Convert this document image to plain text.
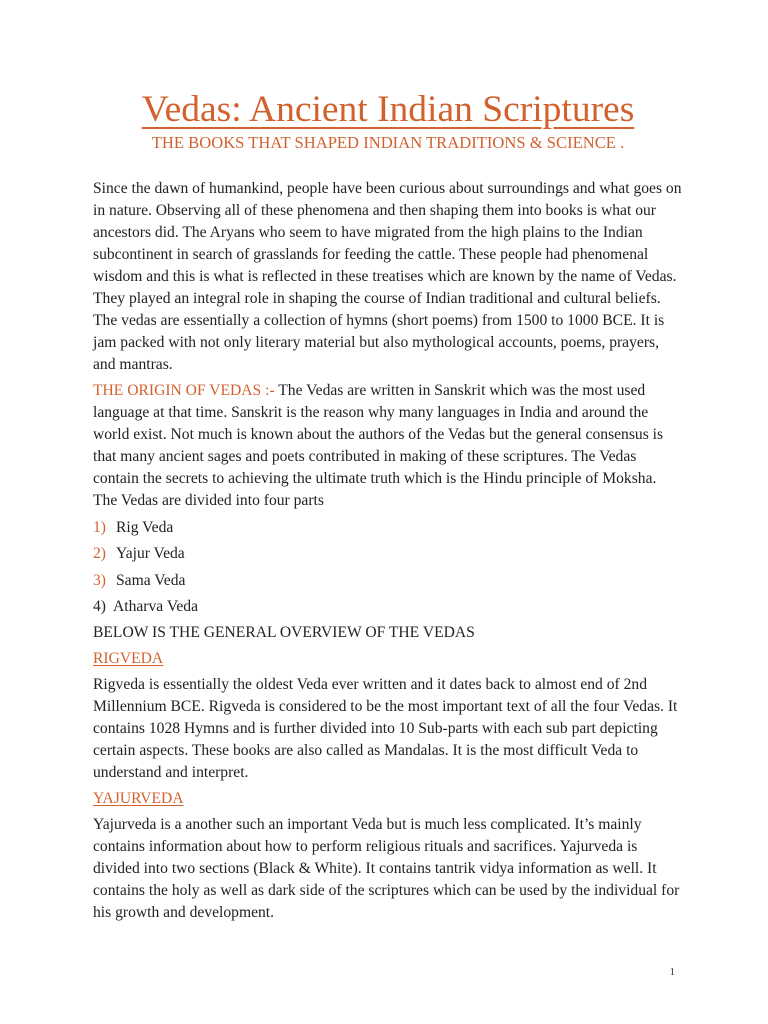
Vedas: Ancient Indian Scriptures
THE BOOKS THAT SHAPED INDIAN TRADITIONS & SCIENCE .

Since the dawn of humankind, people have been curious about surroundings and what goes on in nature. Observing all of these phenomena and then shaping them into books is what our ancestors did. The Aryans who seem to have migrated from the high plains to the Indian subcontinent in search of grasslands for feeding the cattle. These people had phenomenal wisdom and this is what is reflected in these treatises which are known by the name of Vedas. They played an integral role in shaping the course of Indian traditional and cultural beliefs. The vedas are essentially a collection of hymns (short poems) from 1500 to 1000 BCE. It is jam packed with not only literary material but also mythological accounts, poems, prayers, and mantras.

THE ORIGIN OF VEDAS :- The Vedas are written in Sanskrit which was the most used language at that time. Sanskrit is the reason why many languages in India and around the world exist. Not much is known about the authors of the Vedas but the general consensus is that many ancient sages and poets contributed in making of these scriptures. The Vedas contain the secrets to achieving the ultimate truth which is the Hindu principle of Moksha. The Vedas are divided into four parts

1) Rig Veda
2) Yajur Veda
3) Sama Veda
4) Atharva Veda
BELOW IS THE GENERAL OVERVIEW OF THE VEDAS
RIGVEDA

Rigveda is essentially the oldest Veda ever written and it dates back to almost end of 2nd Millennium BCE. Rigveda is considered to be the most important text of all the four Vedas. It contains 1028 Hymns and is further divided into 10 Sub-parts with each sub part depicting certain aspects. These books are also called as Mandalas. It is the most difficult Veda to understand and interpret.

YAJURVEDA

Yajurveda is a another such an important Veda but is much less complicated. It’s mainly contains information about how to perform religious rituals and sacrifices. Yajurveda is divided into two sections (Black & White). It contains tantrik vidya information as well. It contains the holy as well as dark side of the scriptures which can be used by the individual for his growth and development.

1
